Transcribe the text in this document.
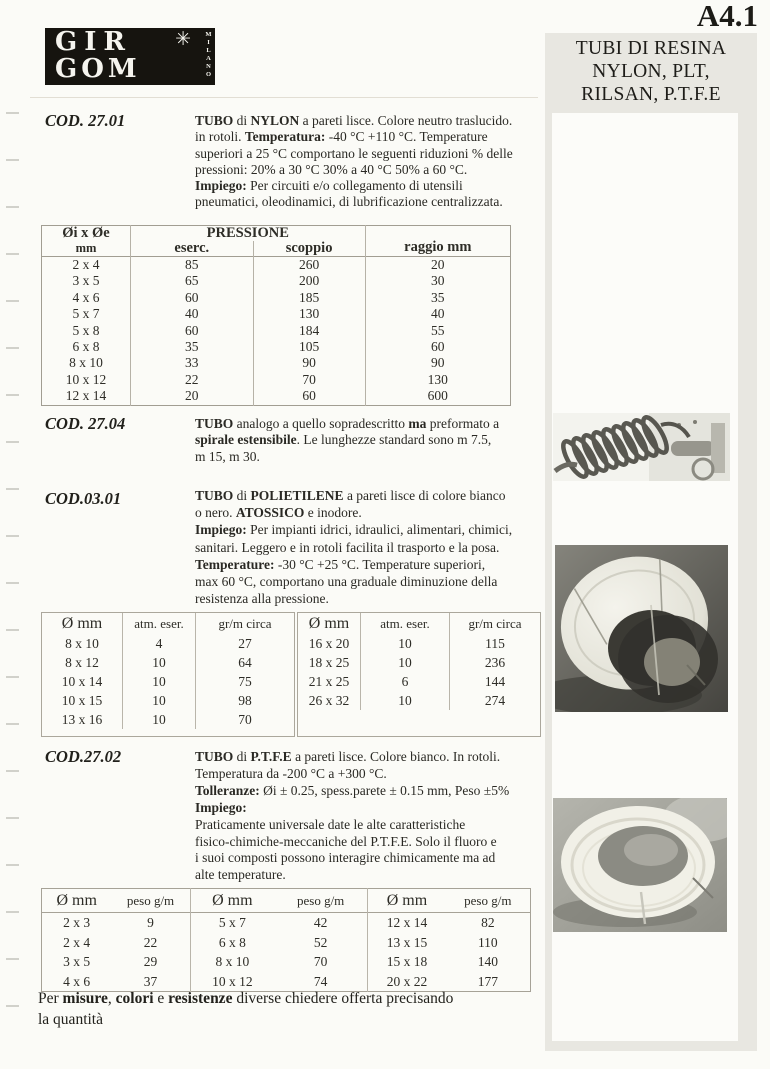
GIR
GOM
✳ MILANO
A4.1
TUBI DI RESINA
NYLON, PLT,
RILSAN, P.T.F.E
COD. 27.01	TUBO di NYLON a pareti lisce. Colore neutro traslucido.
in rotoli. Temperatura: -40 °C +110 °C. Temperature
superiori a 25 °C comportano le seguenti riduzioni % delle
pressioni: 20% a 30 °C 30% a 40 °C 50% a 60 °C.
Impiego: Per circuiti e/o collegamento di utensili
pneumatici, oleodinamici, di lubrificazione centralizzata.
Øi x Øe
mm	PRESSIONE		raggio mm
	eserc.	scoppio	
2 x 4	85	260	20
3 x 5	65	200	30
4 x 6	60	185	35
5 x 7	40	130	40
5 x 8	60	184	55
6 x 8	35	105	60
8 x 10	33	90	90
10 x 12	22	70	130
12 x 14	20	60	600
COD. 27.04	TUBO analogo a quello sopradescritto ma preformato a
spirale estensibile. Le lunghezze standard sono m 7.5,
m 15, m 30.
COD.03.01	TUBO di POLIETILENE a pareti lisce di colore bianco
o nero. ATOSSICO e inodore.
Impiego: Per impianti idrici, idraulici, alimentari, chimici,
sanitari. Leggero e in rotoli facilita il trasporto e la posa.
Temperature: -30 °C +25 °C. Temperature superiori,
max 60 °C, comportano una graduale diminuzione della
resistenza alla pressione.
Ø mm	atm. eser.	gr/m circa
8 x 10	4	27
8 x 12	10	64
10 x 14	10	75
10 x 15	10	98
13 x 16	10	70
Ø mm	atm. eser.	gr/m circa
16 x 20	10	115
18 x 25	10	236
21 x 25	6	144
26 x 32	10	274
COD.27.02	TUBO di P.T.F.E a pareti lisce. Colore bianco. In rotoli.
Temperatura da -200 °C a +300 °C.
Tolleranze: Øi ± 0.25, spess.parete ± 0.15 mm, Peso ±5%
Impiego:
Praticamente universale date le alte caratteristiche
fisico-chimiche-meccaniche del P.T.F.E. Solo il fluoro e
i suoi composti possono interagire chimicamente ma ad
alte temperature.
Ø mm	peso g/m	Ø mm	peso g/m	Ø mm	peso g/m
2 x 3	9	5 x 7	42	12 x 14	82
2 x 4	22	6 x 8	52	13 x 15	110
3 x 5	29	8 x 10	70	15 x 18	140
4 x 6	37	10 x 12	74	20 x 22	177
Per misure, colori e resistenze diverse chiedere offerta precisando
la quantità
